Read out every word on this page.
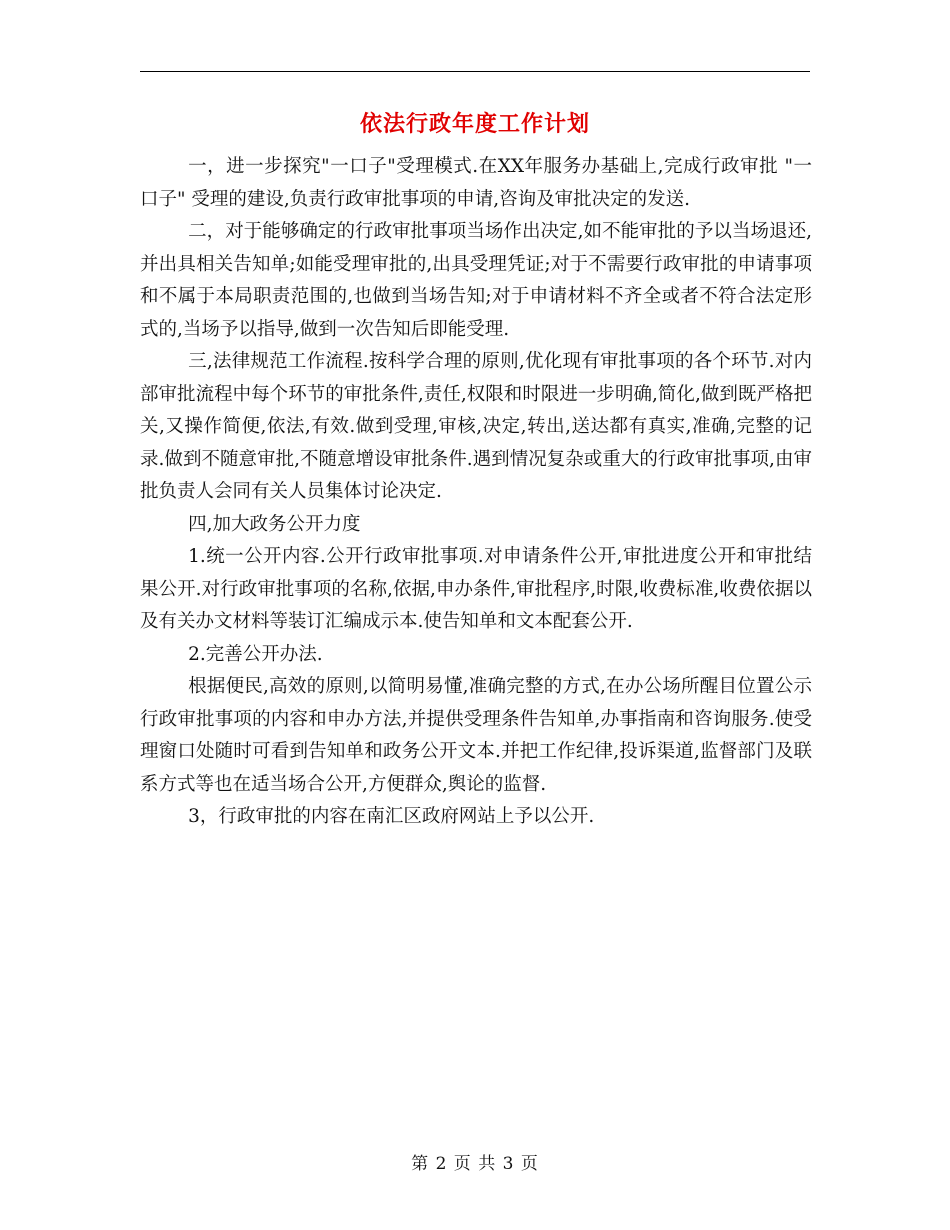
依法行政年度工作计划

一，进一步探究"一口子"受理模式.在XX年服务办基础上,完成行政审批 "一口子" 受理的建设,负责行政审批事项的申请,咨询及审批决定的发送.

二，对于能够确定的行政审批事项当场作出决定,如不能审批的予以当场退还,并出具相关告知单;如能受理审批的,出具受理凭证;对于不需要行政审批的申请事项和不属于本局职责范围的,也做到当场告知;对于申请材料不齐全或者不符合法定形式的,当场予以指导,做到一次告知后即能受理.

三,法律规范工作流程.按科学合理的原则,优化现有审批事项的各个环节.对内部审批流程中每个环节的审批条件,责任,权限和时限进一步明确,简化,做到既严格把关,又操作简便,依法,有效.做到受理,审核,决定,转出,送达都有真实,准确,完整的记录.做到不随意审批,不随意增设审批条件.遇到情况复杂或重大的行政审批事项,由审批负责人会同有关人员集体讨论决定.

四,加大政务公开力度

1.统一公开内容.公开行政审批事项.对申请条件公开,审批进度公开和审批结果公开.对行政审批事项的名称,依据,申办条件,审批程序,时限,收费标准,收费依据以及有关办文材料等装订汇编成示本.使告知单和文本配套公开.

2.完善公开办法.

根据便民,高效的原则,以简明易懂,准确完整的方式,在办公场所醒目位置公示行政审批事项的内容和申办方法,并提供受理条件告知单,办事指南和咨询服务.使受理窗口处随时可看到告知单和政务公开文本.并把工作纪律,投诉渠道,监督部门及联系方式等也在适当场合公开,方便群众,舆论的监督.

3，行政审批的内容在南汇区政府网站上予以公开.

第 2 页 共 3 页
